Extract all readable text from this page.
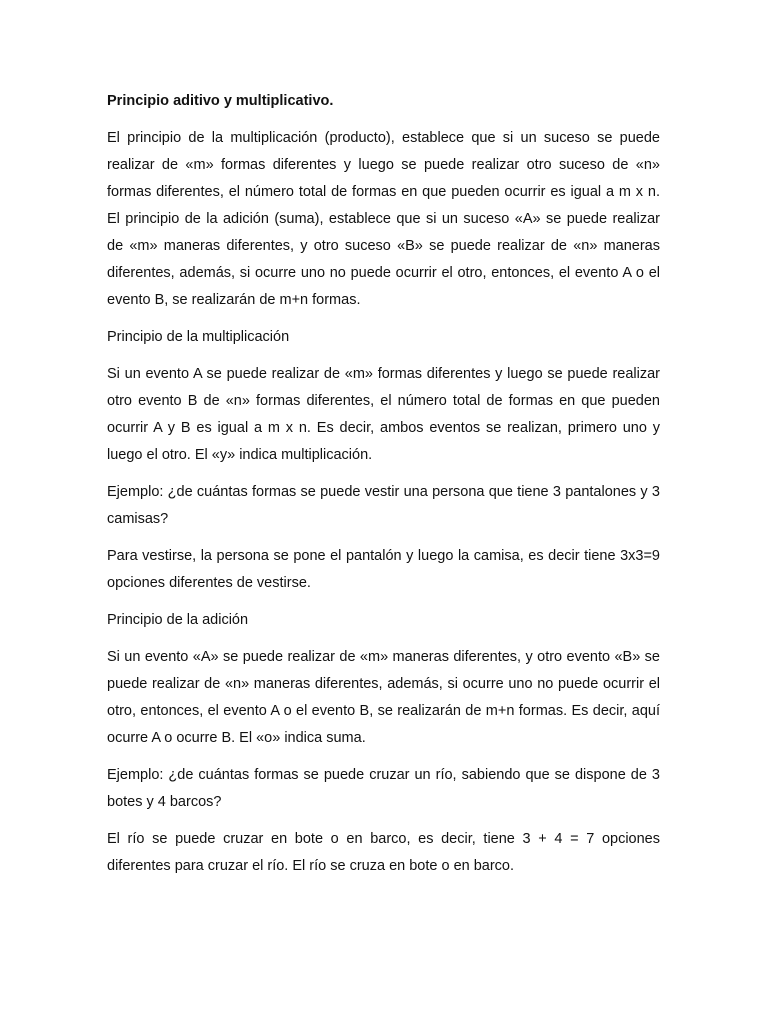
Principio aditivo y multiplicativo.

El principio de la multiplicación (producto), establece que si un suceso se puede realizar de «m» formas diferentes y luego se puede realizar otro suceso de «n» formas diferentes, el número total de formas en que pueden ocurrir es igual a m x n. El principio de la adición (suma), establece que si un suceso «A» se puede realizar de «m» maneras diferentes, y otro suceso «B» se puede realizar de «n» maneras diferentes, además, si ocurre uno no puede ocurrir el otro, entonces, el evento A o el evento B, se realizarán de m+n formas.

Principio de la multiplicación

Si un evento A se puede realizar de «m» formas diferentes y luego se puede realizar otro evento B de «n» formas diferentes, el número total de formas en que pueden ocurrir A y B es igual a m x n. Es decir, ambos eventos se realizan, primero uno y luego el otro. El «y» indica multiplicación.

Ejemplo: ¿de cuántas formas se puede vestir una persona que tiene 3 pantalones y 3 camisas?

Para vestirse, la persona se pone el pantalón y luego la camisa, es decir tiene 3x3=9 opciones diferentes de vestirse.

Principio de la adición

Si un evento «A» se puede realizar de «m» maneras diferentes, y otro evento «B» se puede realizar de «n» maneras diferentes, además, si ocurre uno no puede ocurrir el otro, entonces, el evento A o el evento B, se realizarán de m+n formas. Es decir, aquí ocurre A o ocurre B. El «o» indica suma.

Ejemplo: ¿de cuántas formas se puede cruzar un río, sabiendo que se dispone de 3 botes y 4 barcos?

El río se puede cruzar en bote o en barco, es decir, tiene 3 + 4 = 7 opciones diferentes para cruzar el río. El río se cruza en bote o en barco.
